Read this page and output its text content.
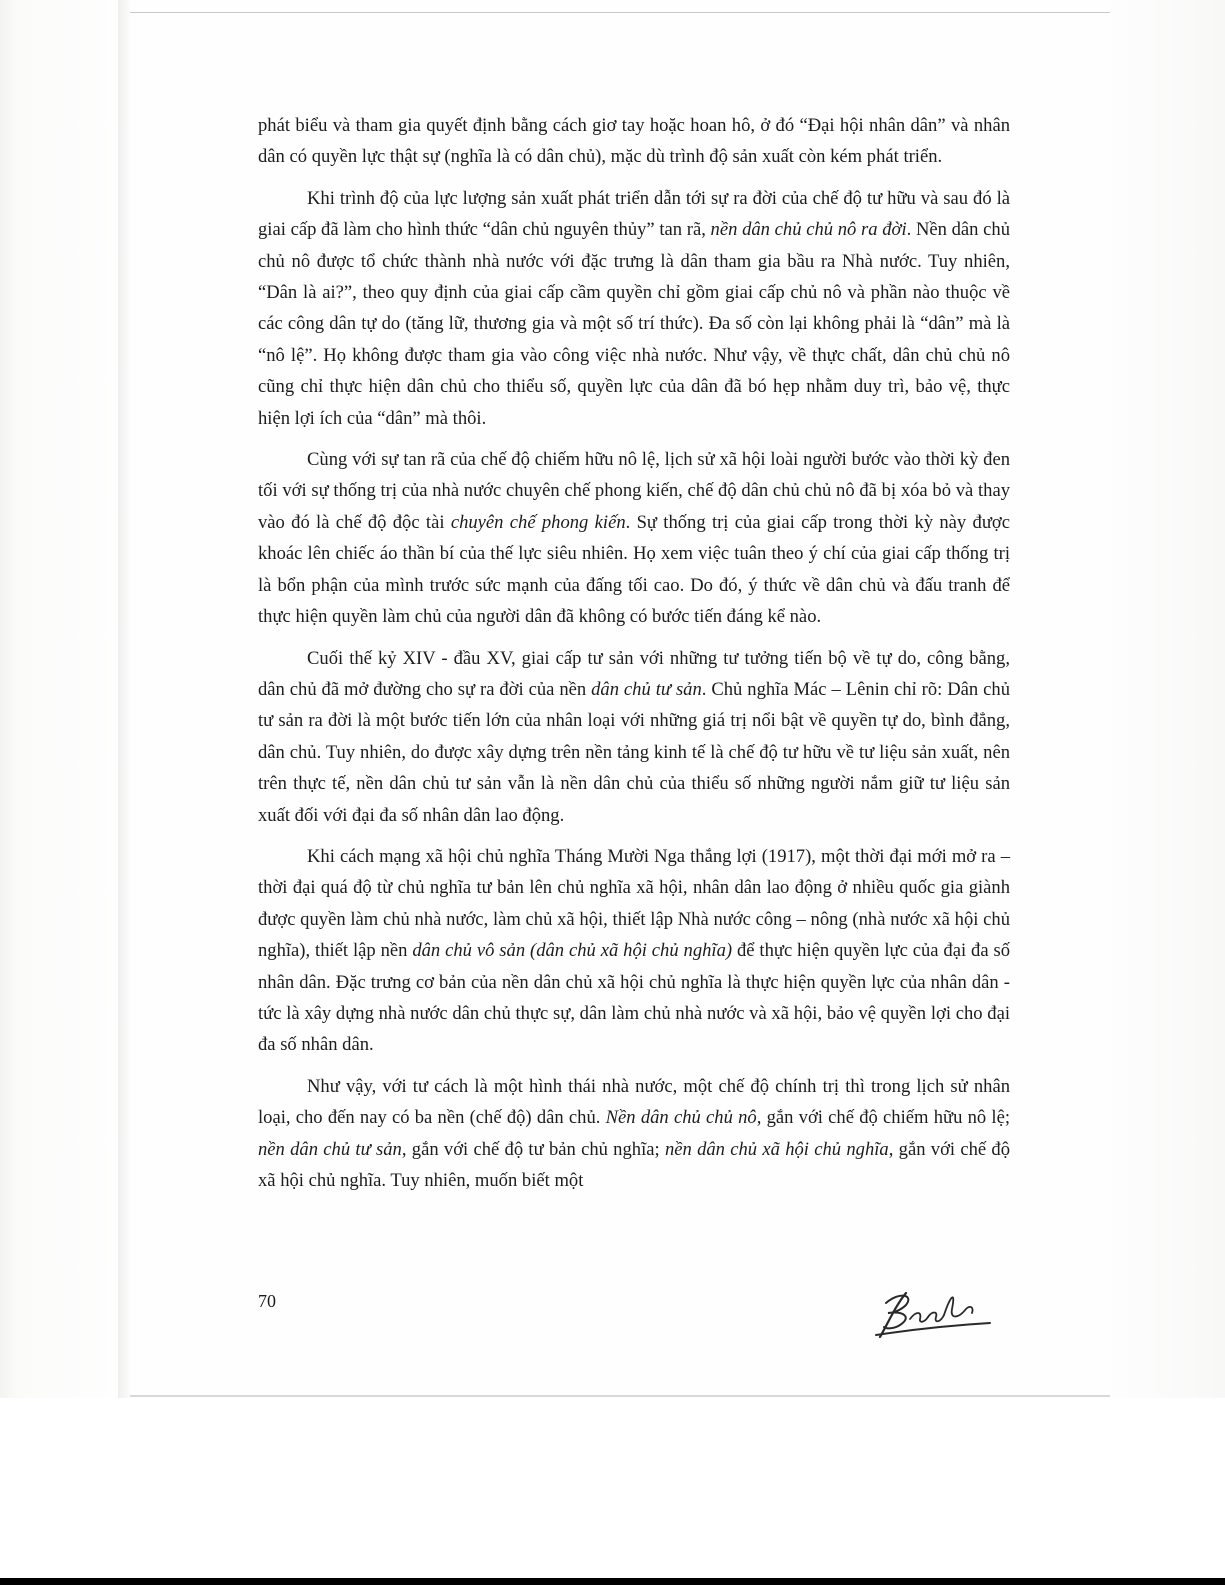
phát biểu và tham gia quyết định bằng cách giơ tay hoặc hoan hô, ở đó “Đại hội nhân dân” và nhân dân có quyền lực thật sự (nghĩa là có dân chủ), mặc dù trình độ sản xuất còn kém phát triển.

Khi trình độ của lực lượng sản xuất phát triển dẫn tới sự ra đời của chế độ tư hữu và sau đó là giai cấp đã làm cho hình thức “dân chủ nguyên thủy” tan rã, nền dân chủ chủ nô ra đời. Nền dân chủ chủ nô được tổ chức thành nhà nước với đặc trưng là dân tham gia bầu ra Nhà nước. Tuy nhiên, “Dân là ai?”, theo quy định của giai cấp cầm quyền chỉ gồm giai cấp chủ nô và phần nào thuộc về các công dân tự do (tăng lữ, thương gia và một số trí thức). Đa số còn lại không phải là “dân” mà là “nô lệ”. Họ không được tham gia vào công việc nhà nước. Như vậy, về thực chất, dân chủ chủ nô cũng chỉ thực hiện dân chủ cho thiểu số, quyền lực của dân đã bó hẹp nhằm duy trì, bảo vệ, thực hiện lợi ích của “dân” mà thôi.

Cùng với sự tan rã của chế độ chiếm hữu nô lệ, lịch sử xã hội loài người bước vào thời kỳ đen tối với sự thống trị của nhà nước chuyên chế phong kiến, chế độ dân chủ chủ nô đã bị xóa bỏ và thay vào đó là chế độ độc tài chuyên chế phong kiến. Sự thống trị của giai cấp trong thời kỳ này được khoác lên chiếc áo thần bí của thế lực siêu nhiên. Họ xem việc tuân theo ý chí của giai cấp thống trị là bổn phận của mình trước sức mạnh của đấng tối cao. Do đó, ý thức về dân chủ và đấu tranh để thực hiện quyền làm chủ của người dân đã không có bước tiến đáng kể nào.

Cuối thế kỷ XIV - đầu XV, giai cấp tư sản với những tư tưởng tiến bộ về tự do, công bằng, dân chủ đã mở đường cho sự ra đời của nền dân chủ tư sản. Chủ nghĩa Mác – Lênin chỉ rõ: Dân chủ tư sản ra đời là một bước tiến lớn của nhân loại với những giá trị nổi bật về quyền tự do, bình đẳng, dân chủ. Tuy nhiên, do được xây dựng trên nền tảng kinh tế là chế độ tư hữu về tư liệu sản xuất, nên trên thực tế, nền dân chủ tư sản vẫn là nền dân chủ của thiểu số những người nắm giữ tư liệu sản xuất đối với đại đa số nhân dân lao động.

Khi cách mạng xã hội chủ nghĩa Tháng Mười Nga thắng lợi (1917), một thời đại mới mở ra – thời đại quá độ từ chủ nghĩa tư bản lên chủ nghĩa xã hội, nhân dân lao động ở nhiều quốc gia giành được quyền làm chủ nhà nước, làm chủ xã hội, thiết lập Nhà nước công – nông (nhà nước xã hội chủ nghĩa), thiết lập nền dân chủ vô sản (dân chủ xã hội chủ nghĩa) để thực hiện quyền lực của đại đa số nhân dân. Đặc trưng cơ bản của nền dân chủ xã hội chủ nghĩa là thực hiện quyền lực của nhân dân - tức là xây dựng nhà nước dân chủ thực sự, dân làm chủ nhà nước và xã hội, bảo vệ quyền lợi cho đại đa số nhân dân.

Như vậy, với tư cách là một hình thái nhà nước, một chế độ chính trị thì trong lịch sử nhân loại, cho đến nay có ba nền (chế độ) dân chủ. Nền dân chủ chủ nô, gắn với chế độ chiếm hữu nô lệ; nền dân chủ tư sản, gắn với chế độ tư bản chủ nghĩa; nền dân chủ xã hội chủ nghĩa, gắn với chế độ xã hội chủ nghĩa. Tuy nhiên, muốn biết một

70
